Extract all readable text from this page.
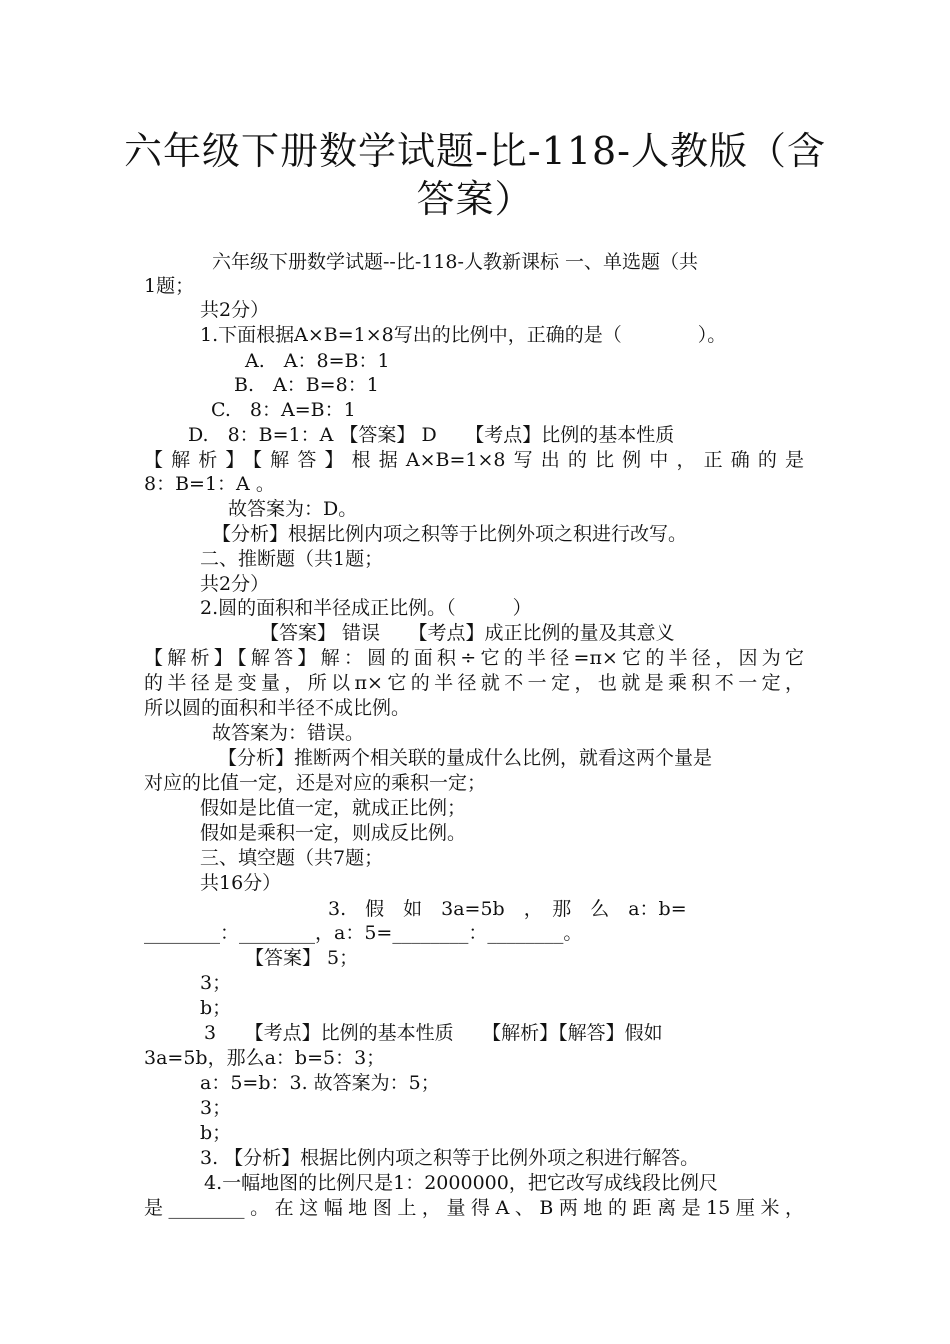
六年级下册数学试题-比-118-人教版（含
答案）
六年级下册数学试题--比-118-人教新课标 一、单选题（共
1题；
共2分）
1.下面根据A×B=1×8写出的比例中，正确的是（　　　　）。
A.　A：8=B：1
B.　A：B=8：1
C.　8：A=B：1
D.　8：B=1：A 【答案】 D　　【考点】比例的基本性质
【解析】【解答】根据A×B=1×8写出的比例中，正确的是
8：B=1：A 。
故答案为：D。
【分析】根据比例内项之积等于比例外项之积进行改写。
二、推断题（共1题；
共2分）
2.圆的面积和半径成正比例。（　　　）
【答案】 错误　　【考点】成正比例的量及其意义
【解析】【解答】解：圆的面积÷它的半径=π×它的半径，因为它
的半径是变量，所以π×它的半径就不一定，也就是乘积不一定，
所以圆的面积和半径不成比例。
故答案为：错误。
【分析】推断两个相关联的量成什么比例，就看这两个量是
对应的比值一定，还是对应的乘积一定；
假如是比值一定，就成正比例；
假如是乘积一定，则成反比例。
三、填空题（共7题；
共16分）
3.　假　如　3a=5b　，　那　么　a：b=
________：________，a：5=________：________。
【答案】 5；
3；
b；
3　　【考点】比例的基本性质　　【解析】【解答】假如
3a=5b，那么a：b=5：3；
a：5=b：3. 故答案为：5；
3；
b；
3. 【分析】根据比例内项之积等于比例外项之积进行解答。
4.一幅地图的比例尺是1：2000000，把它改写成线段比例尺
是________。在这幅地图上，量得A、B两地的距离是15厘米，
